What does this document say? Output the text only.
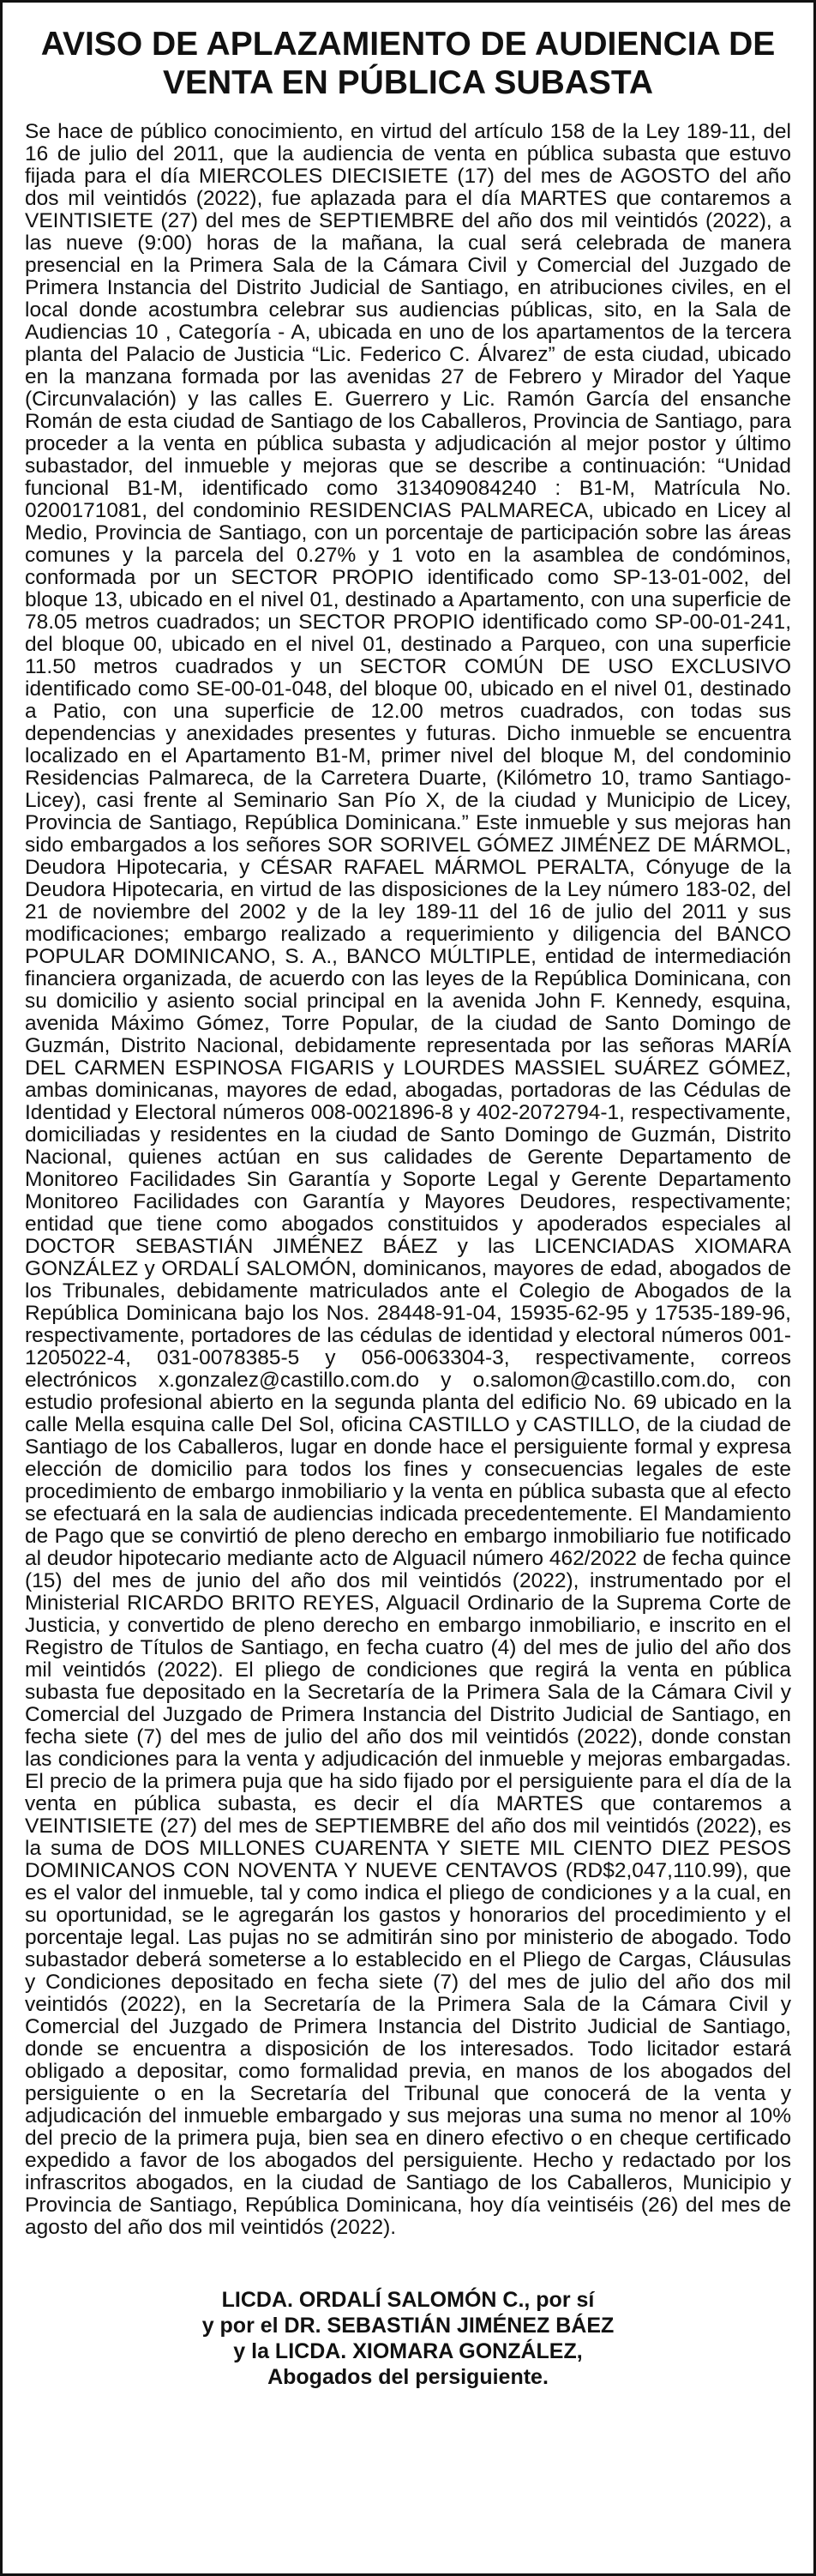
AVISO DE APLAZAMIENTO DE AUDIENCIA DE
VENTA EN PÚBLICA SUBASTA

Se hace de público conocimiento, en virtud del artículo 158 de la Ley 189-11, del 16 de julio del 2011, que la audiencia de venta en pública subasta que estuvo fijada para el día MIERCOLES DIECISIETE (17) del mes de AGOSTO del año dos mil veintidós (2022), fue aplazada para el día MARTES que contaremos a VEINTISIETE (27) del mes de SEPTIEMBRE del año dos mil veintidós (2022), a las nueve (9:00) horas de la mañana, la cual será celebrada de manera presencial en la Primera Sala de la Cámara Civil y Comercial del Juzgado de Primera Instancia del Distrito Judicial de Santiago, en atribuciones civiles, en el local donde acostumbra celebrar sus audiencias públicas, sito, en la Sala de Audiencias 10 , Categoría - A, ubicada en uno de los apartamentos de la tercera planta del Palacio de Justicia “Lic. Federico C. Álvarez” de esta ciudad, ubicado en la manzana formada por las avenidas 27 de Febrero y Mirador del Yaque (Circunvalación) y las calles E. Guerrero y Lic. Ramón García del ensanche Román de esta ciudad de Santiago de los Caballeros, Provincia de Santiago, para proceder a la venta en pública subasta y adjudicación al mejor postor y último subastador, del inmueble y mejoras que se describe a continuación: “Unidad funcional B1-M, identificado como 313409084240 : B1-M, Matrícula No. 0200171081, del condominio RESIDENCIAS PALMARECA, ubicado en Licey al Medio, Provincia de Santiago, con un porcentaje de participación sobre las áreas comunes y la parcela del 0.27% y 1 voto en la asamblea de condóminos, conformada por un SECTOR PROPIO identificado como SP-13-01-002, del bloque 13, ubicado en el nivel 01, destinado a Apartamento, con una superficie de 78.05 metros cuadrados; un SECTOR PROPIO identificado como SP-00-01-241, del bloque 00, ubicado en el nivel 01, destinado a Parqueo, con una superficie 11.50 metros cuadrados y un SECTOR COMÚN DE USO EXCLUSIVO identificado como SE-00-01-048, del bloque 00, ubicado en el nivel 01, destinado a Patio, con una superficie de 12.00 metros cuadrados, con todas sus dependencias y anexidades presentes y futuras. Dicho inmueble se encuentra localizado en el Apartamento B1-M, primer nivel del bloque M, del condominio Residencias Palmareca, de la Carretera Duarte, (Kilómetro 10, tramo Santiago-Licey), casi frente al Seminario San Pío X, de la ciudad y Municipio de Licey, Provincia de Santiago, República Dominicana.” Este inmueble y sus mejoras han sido embargados a los señores SOR SORIVEL GÓMEZ JIMÉNEZ DE MÁRMOL, Deudora Hipotecaria, y CÉSAR RAFAEL MÁRMOL PERALTA, Cónyuge de la Deudora Hipotecaria, en virtud de las disposiciones de la Ley número 183-02, del 21 de noviembre del 2002 y de la ley 189-11 del 16 de julio del 2011 y sus modificaciones; embargo realizado a requerimiento y diligencia del BANCO POPULAR DOMINICANO, S. A., BANCO MÚLTIPLE, entidad de intermediación financiera organizada, de acuerdo con las leyes de la República Dominicana, con su domicilio y asiento social principal en la avenida John F. Kennedy, esquina, avenida Máximo Gómez, Torre Popular, de la ciudad de Santo Domingo de Guzmán, Distrito Nacional, debidamente representada por las señoras MARÍA DEL CARMEN ESPINOSA FIGARIS y LOURDES MASSIEL SUÁREZ GÓMEZ, ambas dominicanas, mayores de edad, abogadas, portadoras de las Cédulas de Identidad y Electoral números 008-0021896-8 y 402-2072794-1, respectivamente, domiciliadas y residentes en la ciudad de Santo Domingo de Guzmán, Distrito Nacional, quienes actúan en sus calidades de Gerente Departamento de Monitoreo Facilidades Sin Garantía y Soporte Legal y Gerente Departamento Monitoreo Facilidades con Garantía y Mayores Deudores, respectivamente; entidad que tiene como abogados constituidos y apoderados especiales al DOCTOR SEBASTIÁN JIMÉNEZ BÁEZ y las LICENCIADAS XIOMARA GONZÁLEZ y ORDALÍ SALOMÓN, dominicanos, mayores de edad, abogados de los Tribunales, debidamente matriculados ante el Colegio de Abogados de la República Dominicana bajo los Nos. 28448-91-04, 15935-62-95 y 17535-189-96, respectivamente, portadores de las cédulas de identidad y electoral números 001-1205022-4, 031-0078385-5 y 056-0063304-3, respectivamente, correos electrónicos x.gonzalez@castillo.com.do y o.salomon@castillo.com.do, con estudio profesional abierto en la segunda planta del edificio No. 69 ubicado en la calle Mella esquina calle Del Sol, oficina CASTILLO y CASTILLO, de la ciudad de Santiago de los Caballeros, lugar en donde hace el persiguiente formal y expresa elección de domicilio para todos los fines y consecuencias legales de este procedimiento de embargo inmobiliario y la venta en pública subasta que al efecto se efectuará en la sala de audiencias indicada precedentemente. El Mandamiento de Pago que se convirtió de pleno derecho en embargo inmobiliario fue notificado al deudor hipotecario mediante acto de Alguacil número 462/2022 de fecha quince (15) del mes de junio del año dos mil veintidós (2022), instrumentado por el Ministerial RICARDO BRITO REYES, Alguacil Ordinario de la Suprema Corte de Justicia, y convertido de pleno derecho en embargo inmobiliario, e inscrito en el Registro de Títulos de Santiago, en fecha cuatro (4) del mes de julio del año dos mil veintidós (2022). El pliego de condiciones que regirá la venta en pública subasta fue depositado en la Secretaría de la Primera Sala de la Cámara Civil y Comercial del Juzgado de Primera Instancia del Distrito Judicial de Santiago, en fecha siete (7) del mes de julio del año dos mil veintidós (2022), donde constan las condiciones para la venta y adjudicación del inmueble y mejoras embargadas. El precio de la primera puja que ha sido fijado por el persiguiente para el día de la venta en pública subasta, es decir el día MARTES que contaremos a VEINTISIETE (27) del mes de SEPTIEMBRE del año dos mil veintidós (2022), es la suma de DOS MILLONES CUARENTA Y SIETE MIL CIENTO DIEZ PESOS DOMINICANOS CON NOVENTA Y NUEVE CENTAVOS (RD$2,047,110.99), que es el valor del inmueble, tal y como indica el pliego de condiciones y a la cual, en su oportunidad, se le agregarán los gastos y honorarios del procedimiento y el porcentaje legal. Las pujas no se admitirán sino por ministerio de abogado. Todo subastador deberá someterse a lo establecido en el Pliego de Cargas, Cláusulas y Condiciones depositado en fecha siete (7) del mes de julio del año dos mil veintidós (2022), en la Secretaría de la Primera Sala de la Cámara Civil y Comercial del Juzgado de Primera Instancia del Distrito Judicial de Santiago, donde se encuentra a disposición de los interesados. Todo licitador estará obligado a depositar, como formalidad previa, en manos de los abogados del persiguiente o en la Secretaría del Tribunal que conocerá de la venta y adjudicación del inmueble embargado y sus mejoras una suma no menor al 10% del precio de la primera puja, bien sea en dinero efectivo o en cheque certificado expedido a favor de los abogados del persiguiente. Hecho y redactado por los infrascritos abogados, en la ciudad de Santiago de los Caballeros, Municipio y Provincia de Santiago, República Dominicana, hoy día veintiséis (26) del mes de agosto del año dos mil veintidós (2022).

LICDA. ORDALÍ SALOMÓN C., por sí
y por el DR. SEBASTIÁN JIMÉNEZ BÁEZ
y la LICDA. XIOMARA GONZÁLEZ,
Abogados del persiguiente.
